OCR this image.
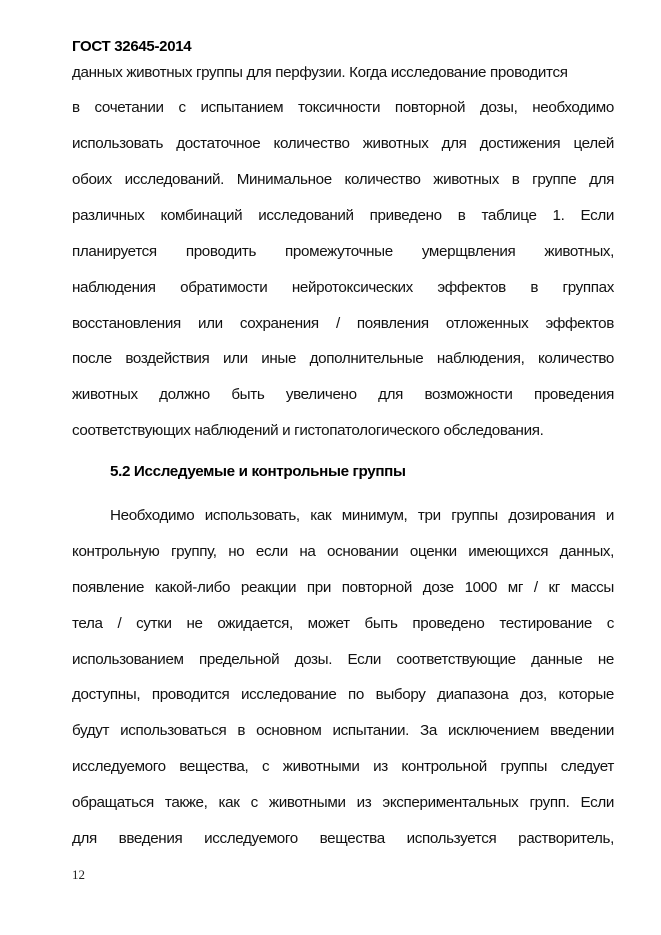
ГОСТ 32645-2014
данных животных группы для перфузии. Когда исследование проводится
в сочетании с испытанием токсичности повторной дозы, необходимо
использовать достаточное количество животных для достижения целей
обоих исследований. Минимальное количество животных в группе для
различных комбинаций исследований приведено в таблице 1. Если
планируется проводить промежуточные умерщвления животных,
наблюдения обратимости нейротоксических эффектов в группах
восстановления или сохранения / появления отложенных эффектов
после воздействия или иные дополнительные наблюдения, количество
животных должно быть увеличено для возможности проведения
соответствующих наблюдений и гистопатологического обследования.
5.2 Исследуемые и контрольные группы
Необходимо использовать, как минимум, три группы дозирования и
контрольную группу, но если на основании оценки имеющихся данных,
появление какой-либо реакции при повторной дозе 1000 мг / кг массы
тела / сутки не ожидается, может быть проведено тестирование с
использованием предельной дозы. Если соответствующие данные не
доступны, проводится исследование по выбору диапазона доз, которые
будут использоваться в основном испытании. За исключением введении
исследуемого вещества, с животными из контрольной группы следует
обращаться также, как с животными из экспериментальных групп. Если
для введения исследуемого вещества используется растворитель,
12
